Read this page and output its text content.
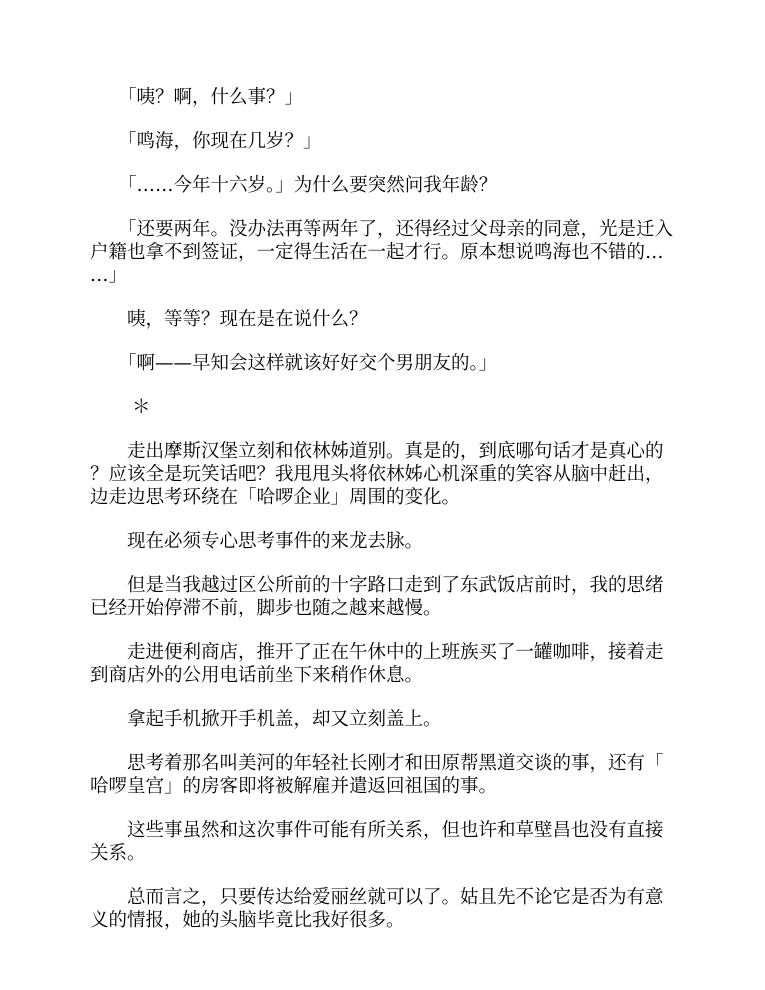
「咦？啊，什么事？」

「鸣海，你现在几岁？」

「……今年十六岁。」为什么要突然问我年龄？

「还要两年。没办法再等两年了，还得经过父母亲的同意，光是迁入户籍也拿不到签证，一定得生活在一起才行。原本想说鸣海也不错的……」

咦，等等？现在是在说什么？

「啊——早知会这样就该好好交个男朋友的。」

＊

走出摩斯汉堡立刻和依林姊道别。真是的，到底哪句话才是真心的？应该全是玩笑话吧？我甩甩头将依林姊心机深重的笑容从脑中赶出，边走边思考环绕在「哈啰企业」周围的变化。

现在必须专心思考事件的来龙去脉。

但是当我越过区公所前的十字路口走到了东武饭店前时，我的思绪已经开始停滞不前，脚步也随之越来越慢。

走进便利商店，推开了正在午休中的上班族买了一罐咖啡，接着走到商店外的公用电话前坐下来稍作休息。

拿起手机掀开手机盖，却又立刻盖上。

思考着那名叫美河的年轻社长刚才和田原帮黑道交谈的事，还有「哈啰皇宫」的房客即将被解雇并遣返回祖国的事。

这些事虽然和这次事件可能有所关系，但也许和草壁昌也没有直接关系。

总而言之，只要传达给爱丽丝就可以了。姑且先不论它是否为有意义的情报，她的头脑毕竟比我好很多。
